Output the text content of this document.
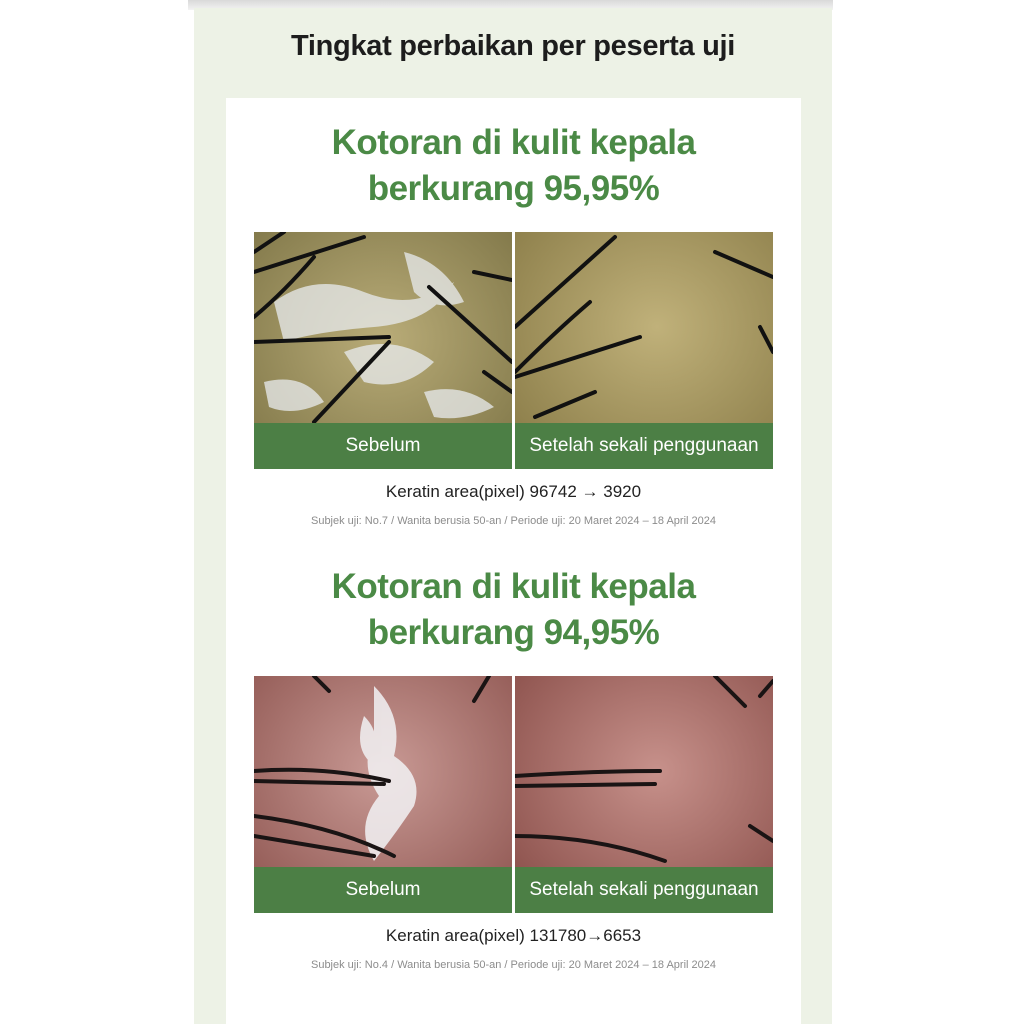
Tingkat perbaikan per peserta uji
Kotoran di kulit kepala
berkurang 95,95%
Sebelum	Setelah sekali penggunaan
Keratin area(pixel) 96742 → 3920
Subjek uji: No.7 / Wanita berusia 50-an / Periode uji: 20 Maret 2024 – 18 April 2024
Kotoran di kulit kepala
berkurang 94,95%
Sebelum	Setelah sekali penggunaan
Keratin area(pixel) 131780→6653
Subjek uji: No.4 / Wanita berusia 50-an / Periode uji: 20 Maret 2024 – 18 April 2024
